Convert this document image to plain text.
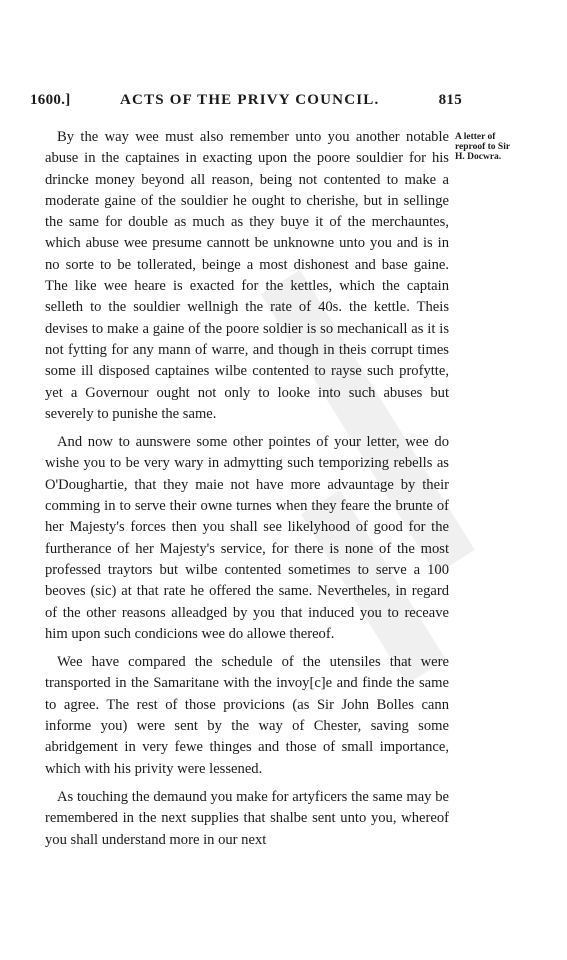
1600.]	ACTS OF THE PRIVY COUNCIL.	815
A letter of
reproof to Sir
H. Docwra.

By the way wee must also remember unto you another notable abuse in the captaines in exacting upon the poore souldier for his drincke money beyond all reason, being not contented to make a moderate gaine of the souldier he ought to cherishe, but in sellinge the same for double as much as they buye it of the merchauntes, which abuse wee presume cannott be unknowne unto you and is in no sorte to be tollerated, beinge a most dishonest and base gaine. The like wee heare is exacted for the kettles, which the captain selleth to the souldier wellnigh the rate of 40s. the kettle. Theis devises to make a gaine of the poore soldier is so mechanicall as it is not fytting for any mann of warre, and though in theis corrupt times some ill disposed captaines wilbe contented to rayse such profytte, yet a Governour ought not only to looke into such abuses but severely to punishe the same.

And now to aunswere some other pointes of your letter, wee do wishe you to be very wary in admytting such temporizing rebells as O'Doughartie, that they maie not have more advauntage by their comming in to serve their owne turnes when they feare the brunte of her Majesty's forces then you shall see likelyhood of good for the furtherance of her Majesty's service, for there is none of the most professed traytors but wilbe contented sometimes to serve a 100 beoves (sic) at that rate he offered the same. Nevertheles, in regard of the other reasons alleadged by you that induced you to receave him upon such condicions wee do allowe thereof.

Wee have compared the schedule of the utensiles that were transported in the Samaritane with the invoy[c]e and finde the same to agree. The rest of those provicions (as Sir John Bolles cann informe you) were sent by the way of Chester, saving some abridgement in very fewe thinges and those of small importance, which with his privity were lessened.

As touching the demaund you make for artyficers the same may be remembered in the next supplies that shalbe sent unto you, whereof you shall understand more in our next
